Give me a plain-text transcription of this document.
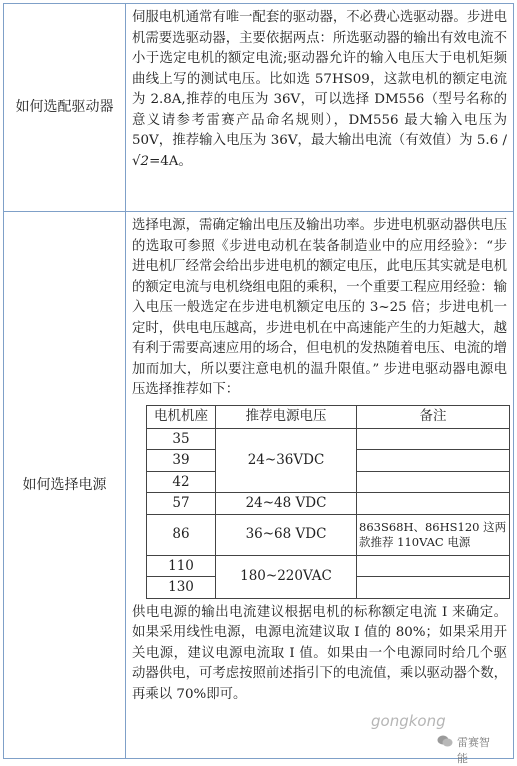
如何选配驱动器

伺服电机通常有唯一配套的驱动器，不必费心选驱动器。步进电机需要选驱动器，主要依据两点：所选驱动器的输出有效电流不小于选定电机的额定电流;驱动器允许的输入电压大于电机矩频曲线上写的测试电压。比如选 57HS09，这款电机的额定电流为 2.8A,推荐的电压为 36V，可以选择 DM556（型号名称的意义请参考雷赛产品命名规则），DM556 最大输入电压为 50V，推荐输入电压为 36V，最大输出电流（有效值）为 5.6 /√2=4A。

如何选择电源

选择电源，需确定输出电压及输出功率。步进电机驱动器供电压的选取可参照《步进电动机在装备制造业中的应用经验》：“步进电机厂经常会给出步进电机的额定电压，此电压其实就是电机的额定电流与电机绕组电阻的乘积，一个重要工程应用经验：输入电压一般选定在步进电机额定电压的 3~25 倍；步进电机一定时，供电电压越高，步进电机在中高速能产生的力矩越大，越有利于需要高速应用的场合，但电机的发热随着电压、电流的增加而加大，所以要注意电机的温升限值。” 步进电驱动器电源电压选择推荐如下：

电机机座	推荐电源电压	备注
35	24~36VDC	
39		
42		
57	24~48 VDC	
86	36~68 VDC	863S68H、86HS120 这两款推荐 110VAC 电源
110	180~220VAC	
130		

供电电源的输出电流建议根据电机的标称额定电流 I 来确定。如果采用线性电源，电源电流建议取 I 值的 80%；如果采用开关电源，建议电源电流取 I 值。如果由一个电源同时给几个驱动器供电，可考虑按照前述指引下的电流值，乘以驱动器个数，再乘以 70%即可。

gongkong
雷赛智能
